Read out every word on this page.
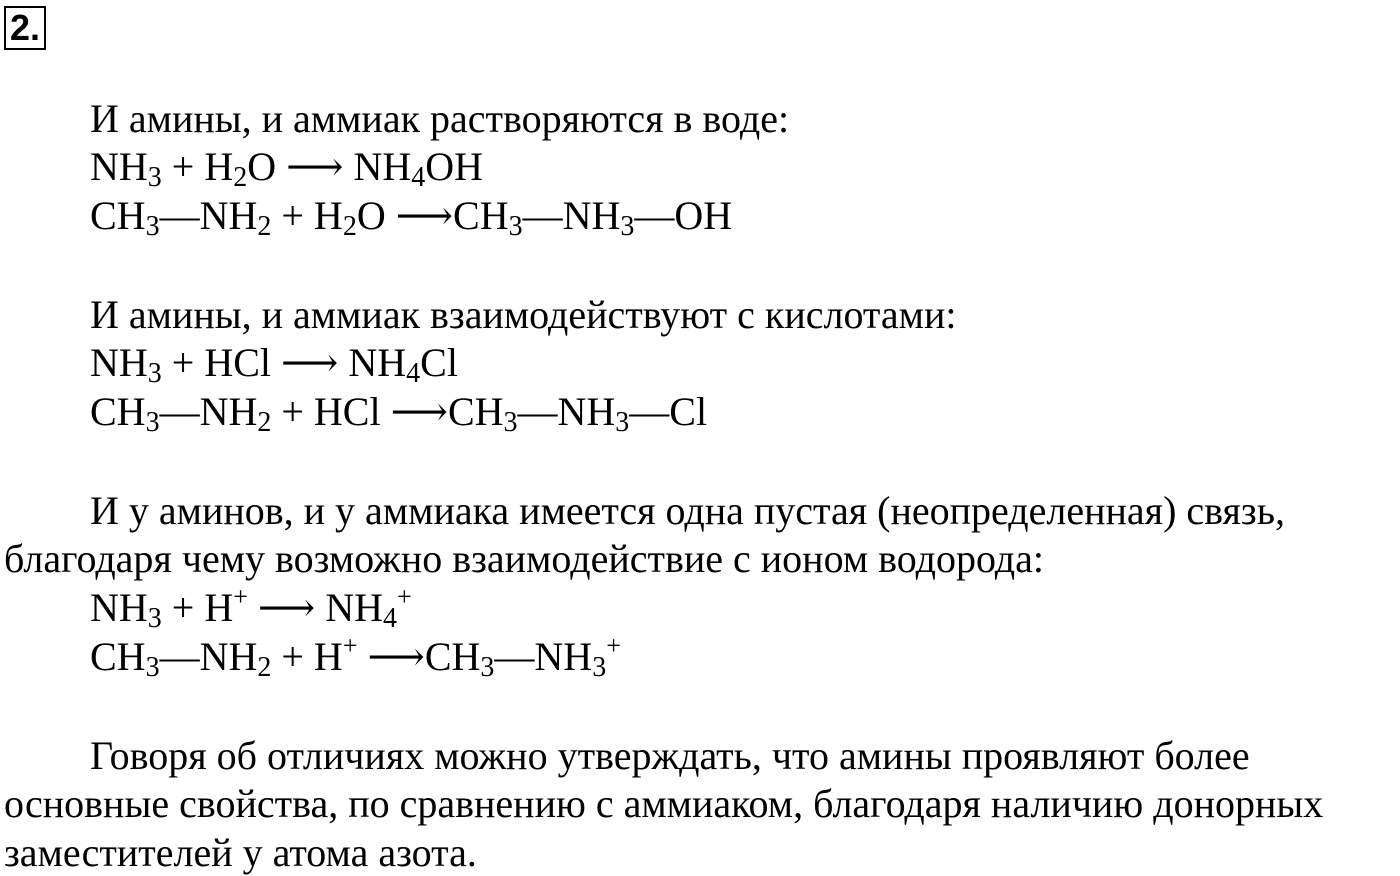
2.
И амины, и аммиак растворяются в воде:
$NH_3 + H_2O$ ⟶ $NH_4OH$
$CH_3—NH_2 + H_2O$ $⟶CH_3—NH_3—OH$
И амины, и аммиак взаимодействуют с кислотами:
$NH_3$ + HCl ⟶ $NH_4Cl$
$CH_3—NH_2$ + HCl $⟶CH_3—NH_3—Cl$
И у аминов, и у аммиака имеется одна пустая (неопределенная) связь,
благодаря чему возможно взаимодействие с ионом водорода:
$NH_3 + H^+$ ⟶ $NH_4^+$
$CH_3—NH_2 + H^+$ $⟶CH_3—NH_3^+$
Говоря об отличиях можно утверждать, что амины проявляют более
основные свойства, по сравнению с аммиаком, благодаря наличию донорных
заместителей у атома азота.
